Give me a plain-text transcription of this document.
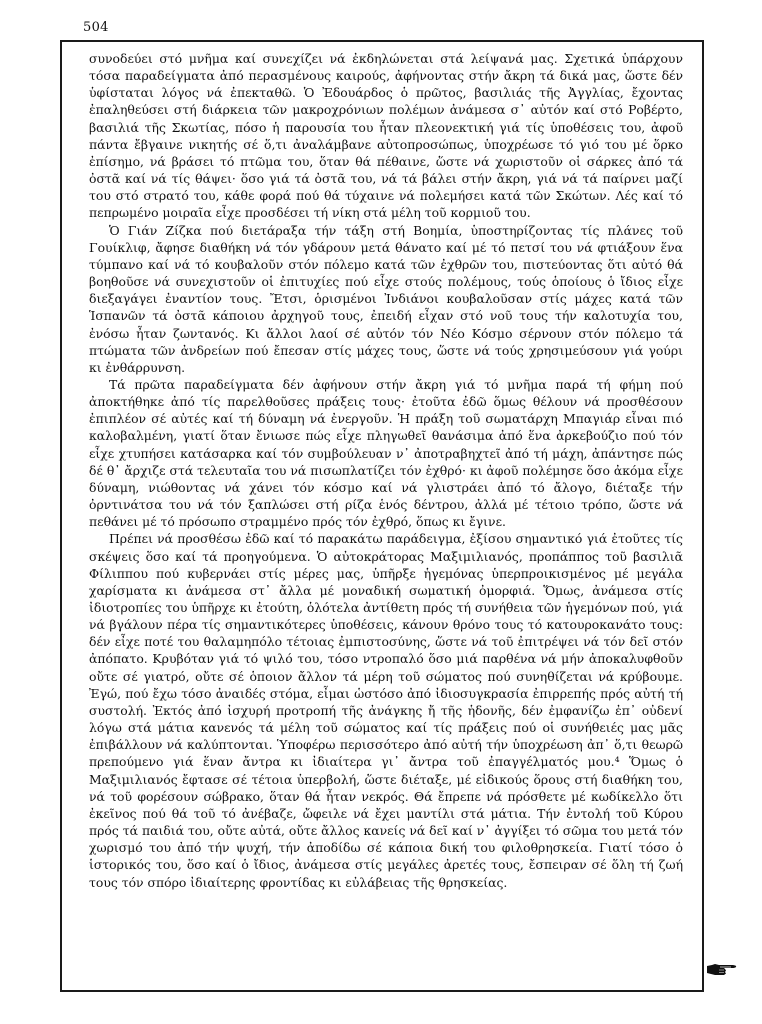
504

συνοδεύει στό μνῆμα καί συνεχίζει νά ἐκδηλώνεται στά λείψανά μας. Σχετικά ὑπάρχουν τόσα παραδείγματα ἀπό περασμένους καιρούς, ἀφήνοντας στήν ἄκρη τά δικά μας, ὥστε δέν ὑφίσταται λόγος νά ἐπεκταθῶ. Ὁ Ἐδουάρδος ὁ πρῶτος, βασιλιάς τῆς Ἀγγλίας, ἔχοντας ἐπαληθεύσει στή διάρκεια τῶν μακροχρόνιων πολέμων ἀνάμεσα σ᾿ αὐτόν καί στό Ροβέρτο, βασιλιά τῆς Σκωτίας, πόσο ἡ παρουσία του ἦταν πλεονεκτική γιά τίς ὑποθέσεις του, ἀφοῦ πάντα ἔβγαινε νικητής σέ ὅ,τι ἀναλάμβανε αὐτοπροσώπως, ὑποχρέωσε τό γιό του μέ ὅρκο ἐπίσημο, νά βράσει τό πτῶμα του, ὅταν θά πέθαινε, ὥστε νά χωριστοῦν οἱ σάρκες ἀπό τά ὀστᾶ καί νά τίς θάψει· ὅσο γιά τά ὀστᾶ του, νά τά βάλει στήν ἄκρη, γιά νά τά παίρνει μαζί του στό στρατό του, κάθε φορά πού θά τύχαινε νά πολεμήσει κατά τῶν Σκώτων. Λές καί τό πεπρωμένο μοιραῖα εἶχε προσδέσει τή νίκη στά μέλη τοῦ κορμιοῦ του.

Ὁ Γιάν Ζίζκα πού διετάραξα τήν τάξη στή Βοημία, ὑποστηρίζοντας τίς πλάνες τοῦ Γουίκλιφ, ἄφησε διαθήκη νά τόν γδάρουν μετά θάνατο καί μέ τό πετσί του νά φτιάξουν ἕνα τύμπανο καί νά τό κουβαλοῦν στόν πόλεμο κατά τῶν ἐχθρῶν του, πιστεύοντας ὅτι αὐτό θά βοηθοῦσε νά συνεχιστοῦν οἱ ἐπιτυχίες πού εἶχε στούς πολέμους, τούς ὁποίους ὁ ἴδιος εἶχε διεξαγάγει ἐναντίον τους. Ἔτσι, ὁρισμένοι Ἰνδιάνοι κουβαλοῦσαν στίς μάχες κατά τῶν Ἱσπανῶν τά ὀστᾶ κάποιου ἀρχηγοῦ τους, ἐπειδή εἶχαν στό νοῦ τους τήν καλοτυχία του, ἐνόσω ἦταν ζωντανός. Κι ἄλλοι λαοί σέ αὐτόν τόν Νέο Κόσμο σέρνουν στόν πόλεμο τά πτώματα τῶν ἀνδρείων πού ἔπεσαν στίς μάχες τους, ὥστε νά τούς χρησιμεύσουν γιά γούρι κι ἐνθάρρυνση.

Τά πρῶτα παραδείγματα δέν ἀφήνουν στήν ἄκρη γιά τό μνῆμα παρά τή φήμη πού ἀποκτήθηκε ἀπό τίς παρελθοῦσες πράξεις τους· ἐτοῦτα ἐδῶ ὅμως θέλουν νά προσθέσουν ἐπιπλέον σέ αὐτές καί τή δύναμη νά ἐνεργοῦν. Ἡ πράξη τοῦ σωματάρχη Μπαγιάρ εἶναι πιό καλοβαλμένη, γιατί ὅταν ἔνιωσε πώς εἶχε πληγωθεῖ θανάσιμα ἀπό ἕνα ἀρκεβούζιο πού τόν εἶχε χτυπήσει κατάσαρκα καί τόν συμβούλευαν ν᾿ ἀποτραβηχτεῖ ἀπό τή μάχη, ἀπάντησε πώς δέ θ᾿ ἄρχιζε στά τελευταῖα του νά πισωπλατίζει τόν ἐχθρό· κι ἀφοῦ πολέμησε ὅσο ἀκόμα εἶχε δύναμη, νιώθοντας νά χάνει τόν κόσμο καί νά γλιστράει ἀπό τό ἄλογο, διέταξε τήν ὀρντινάτσα του νά τόν ξαπλώσει στή ρίζα ἑνός δέντρου, ἀλλά μέ τέτοιο τρόπο, ὥστε νά πεθάνει μέ τό πρόσωπο στραμμένο πρός τόν ἐχθρό, ὅπως κι ἔγινε.

Πρέπει νά προσθέσω ἐδῶ καί τό παρακάτω παράδειγμα, ἐξίσου σημαντικό γιά ἐτοῦτες τίς σκέψεις ὅσο καί τά προηγούμενα. Ὁ αὐτοκράτορας Μαξιμιλιανός, προπάππος τοῦ βασιλιᾶ Φίλιππου πού κυβερνάει στίς μέρες μας, ὑπῆρξε ἡγεμόνας ὑπερπροικισμένος μέ μεγάλα χαρίσματα κι ἀνάμεσα στ᾿ ἄλλα μέ μοναδική σωματική ὀμορφιά. Ὅμως, ἀνάμεσα στίς ἰδιοτροπίες του ὑπῆρχε κι ἐτούτη, ὁλότελα ἀντίθετη πρός τή συνήθεια τῶν ἡγεμόνων πού, γιά νά βγάλουν πέρα τίς σημαντικότερες ὑποθέσεις, κάνουν θρόνο τους τό κατουροκανάτο τους: δέν εἶχε ποτέ του θαλαμηπόλο τέτοιας ἐμπιστοσύνης, ὥστε νά τοῦ ἐπιτρέψει νά τόν δεῖ στόν ἀπόπατο. Κρυβόταν γιά τό ψιλό του, τόσο ντροπαλό ὅσο μιά παρθένα νά μήν ἀποκαλυφθοῦν οὔτε σέ γιατρό, οὔτε σέ ὁποιον ἄλλον τά μέρη τοῦ σώματος πού συνηθίζεται νά κρύβουμε. Ἐγώ, πού ἔχω τόσο ἀναιδές στόμα, εἶμαι ὡστόσο ἀπό ἰδιοσυγκρασία ἐπιρρεπής πρός αὐτή τή συστολή. Ἐκτός ἀπό ἰσχυρή προτροπή τῆς ἀνάγκης ἤ τῆς ἡδονῆς, δέν ἐμφανίζω ἐπ᾿ οὐδενί λόγω στά μάτια κανενός τά μέλη τοῦ σώματος καί τίς πράξεις πού οἱ συνήθειές μας μᾶς ἐπιβάλλουν νά καλύπτονται. Ὑποφέρω περισσότερο ἀπό αὐτή τήν ὑποχρέωση ἀπ᾿ ὅ,τι θεωρῶ πρεπούμενο γιά ἕναν ἄντρα κι ἰδιαίτερα γι᾿ ἄντρα τοῦ ἐπαγγέλματός μου.⁴ Ὅμως ὁ Μαξιμιλιανός ἔφτασε σέ τέτοια ὑπερβολή, ὥστε διέταξε, μέ εἰδικούς ὅρους στή διαθήκη του, νά τοῦ φορέσουν σώβρακο, ὅταν θά ἦταν νεκρός. Θά ἔπρεπε νά πρόσθετε μέ κωδίκελλο ὅτι ἐκεῖνος πού θά τοῦ τό ἀνέβαζε, ὤφειλε νά ἔχει μαντίλι στά μάτια. Τήν ἐντολή τοῦ Κύρου πρός τά παιδιά του, οὔτε αὐτά, οὔτε ἄλλος κανείς νά δεῖ καί ν᾿ ἀγγίξει τό σῶμα του μετά τόν χωρισμό του ἀπό τήν ψυχή, τήν ἀποδίδω σέ κάποια δική του φιλοθρησκεία. Γιατί τόσο ὁ ἱστορικός του, ὅσο καί ὁ ἴδιος, ἀνάμεσα στίς μεγάλες ἀρετές τους, ἔσπειραν σέ ὅλη τή ζωή τους τόν σπόρο ἰδιαίτερης φροντίδας κι εὐλάβειας τῆς θρησκείας.
